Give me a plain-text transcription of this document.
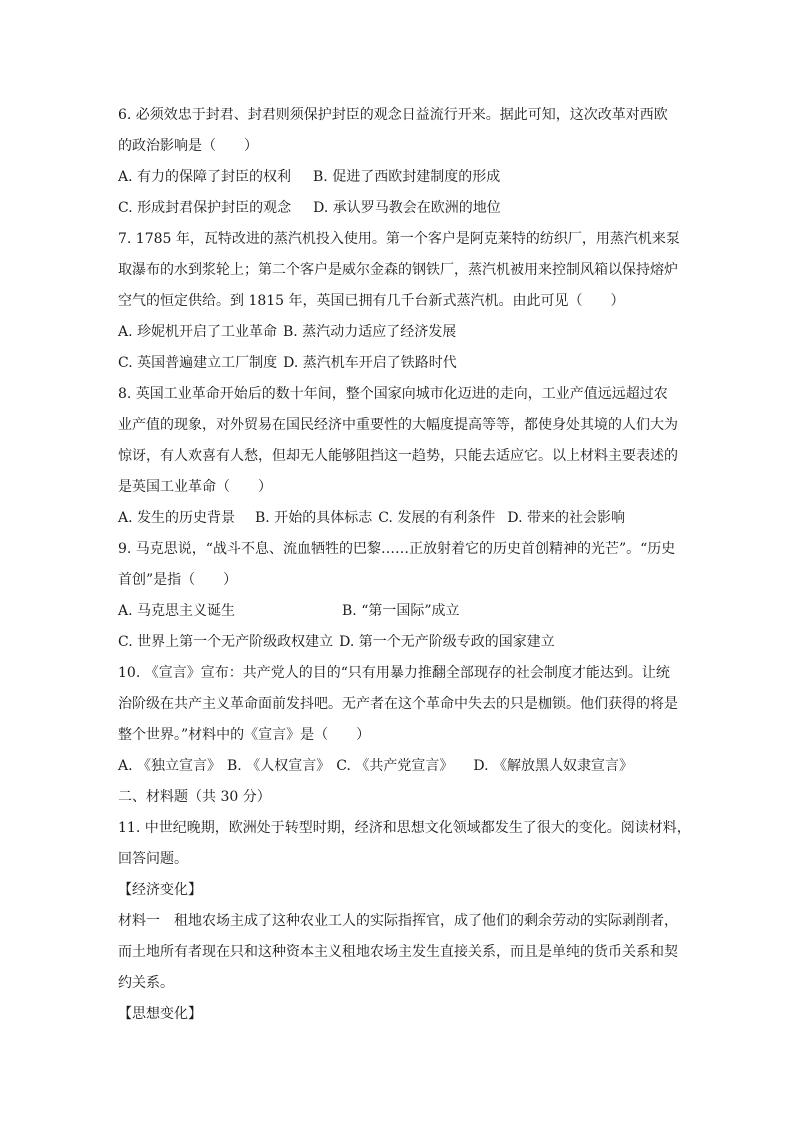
6. 必须效忠于封君、封君则须保护封臣的观念日益流行开来。据此可知，这次改革对西欧
的政治影响是（　　）
A. 有力的保障了封臣的权利 B. 促进了西欧封建制度的形成
C. 形成封君保护封臣的观念 D. 承认罗马教会在欧洲的地位
7. 1785 年，瓦特改进的蒸汽机投入使用。第一个客户是阿克莱特的纺织厂，用蒸汽机来泵
取瀑布的水到浆轮上；第二个客户是威尔金森的钢铁厂，蒸汽机被用来控制风箱以保持熔炉
空气的恒定供给。到 1815 年，英国已拥有几千台新式蒸汽机。由此可见（　　）
A. 珍妮机开启了工业革命 B. 蒸汽动力适应了经济发展
C. 英国普遍建立工厂制度 D. 蒸汽机车开启了铁路时代
8. 英国工业革命开始后的数十年间，整个国家向城市化迈进的走向，工业产值远远超过农
业产值的现象，对外贸易在国民经济中重要性的大幅度提高等等，都使身处其境的人们大为
惊讶，有人欢喜有人愁，但却无人能够阻挡这一趋势，只能去适应它。以上材料主要表述的
是英国工业革命（　　）
A. 发生的历史背景 B. 开始的具体标志 C. 发展的有利条件 D. 带来的社会影响
9. 马克思说，“战斗不息、流血牺牲的巴黎……正放射着它的历史首创精神的光芒”。“历史
首创”是指（　　）
A. 马克思主义诞生	B. “第一国际”成立
C. 世界上第一个无产阶级政权建立 D. 第一个无产阶级专政的国家建立
10. 《宣言》宣布：共产党人的目的“只有用暴力推翻全部现存的社会制度才能达到。让统
治阶级在共产主义革命面前发抖吧。无产者在这个革命中失去的只是枷锁。他们获得的将是
整个世界。”材料中的《宣言》是（　　）
A. 《独立宣言》 B. 《人权宣言》 C. 《共产党宣言》 D. 《解放黑人奴隶宣言》
二、材料题（共 30 分）
11. 中世纪晚期，欧洲处于转型时期，经济和思想文化领域都发生了很大的变化。阅读材料，
回答问题。
【经济变化】
材料一　租地农场主成了这种农业工人的实际指挥官，成了他们的剩余劳动的实际剥削者，
而土地所有者现在只和这种资本主义租地农场主发生直接关系，而且是单纯的货币关系和契
约关系。
【思想变化】
